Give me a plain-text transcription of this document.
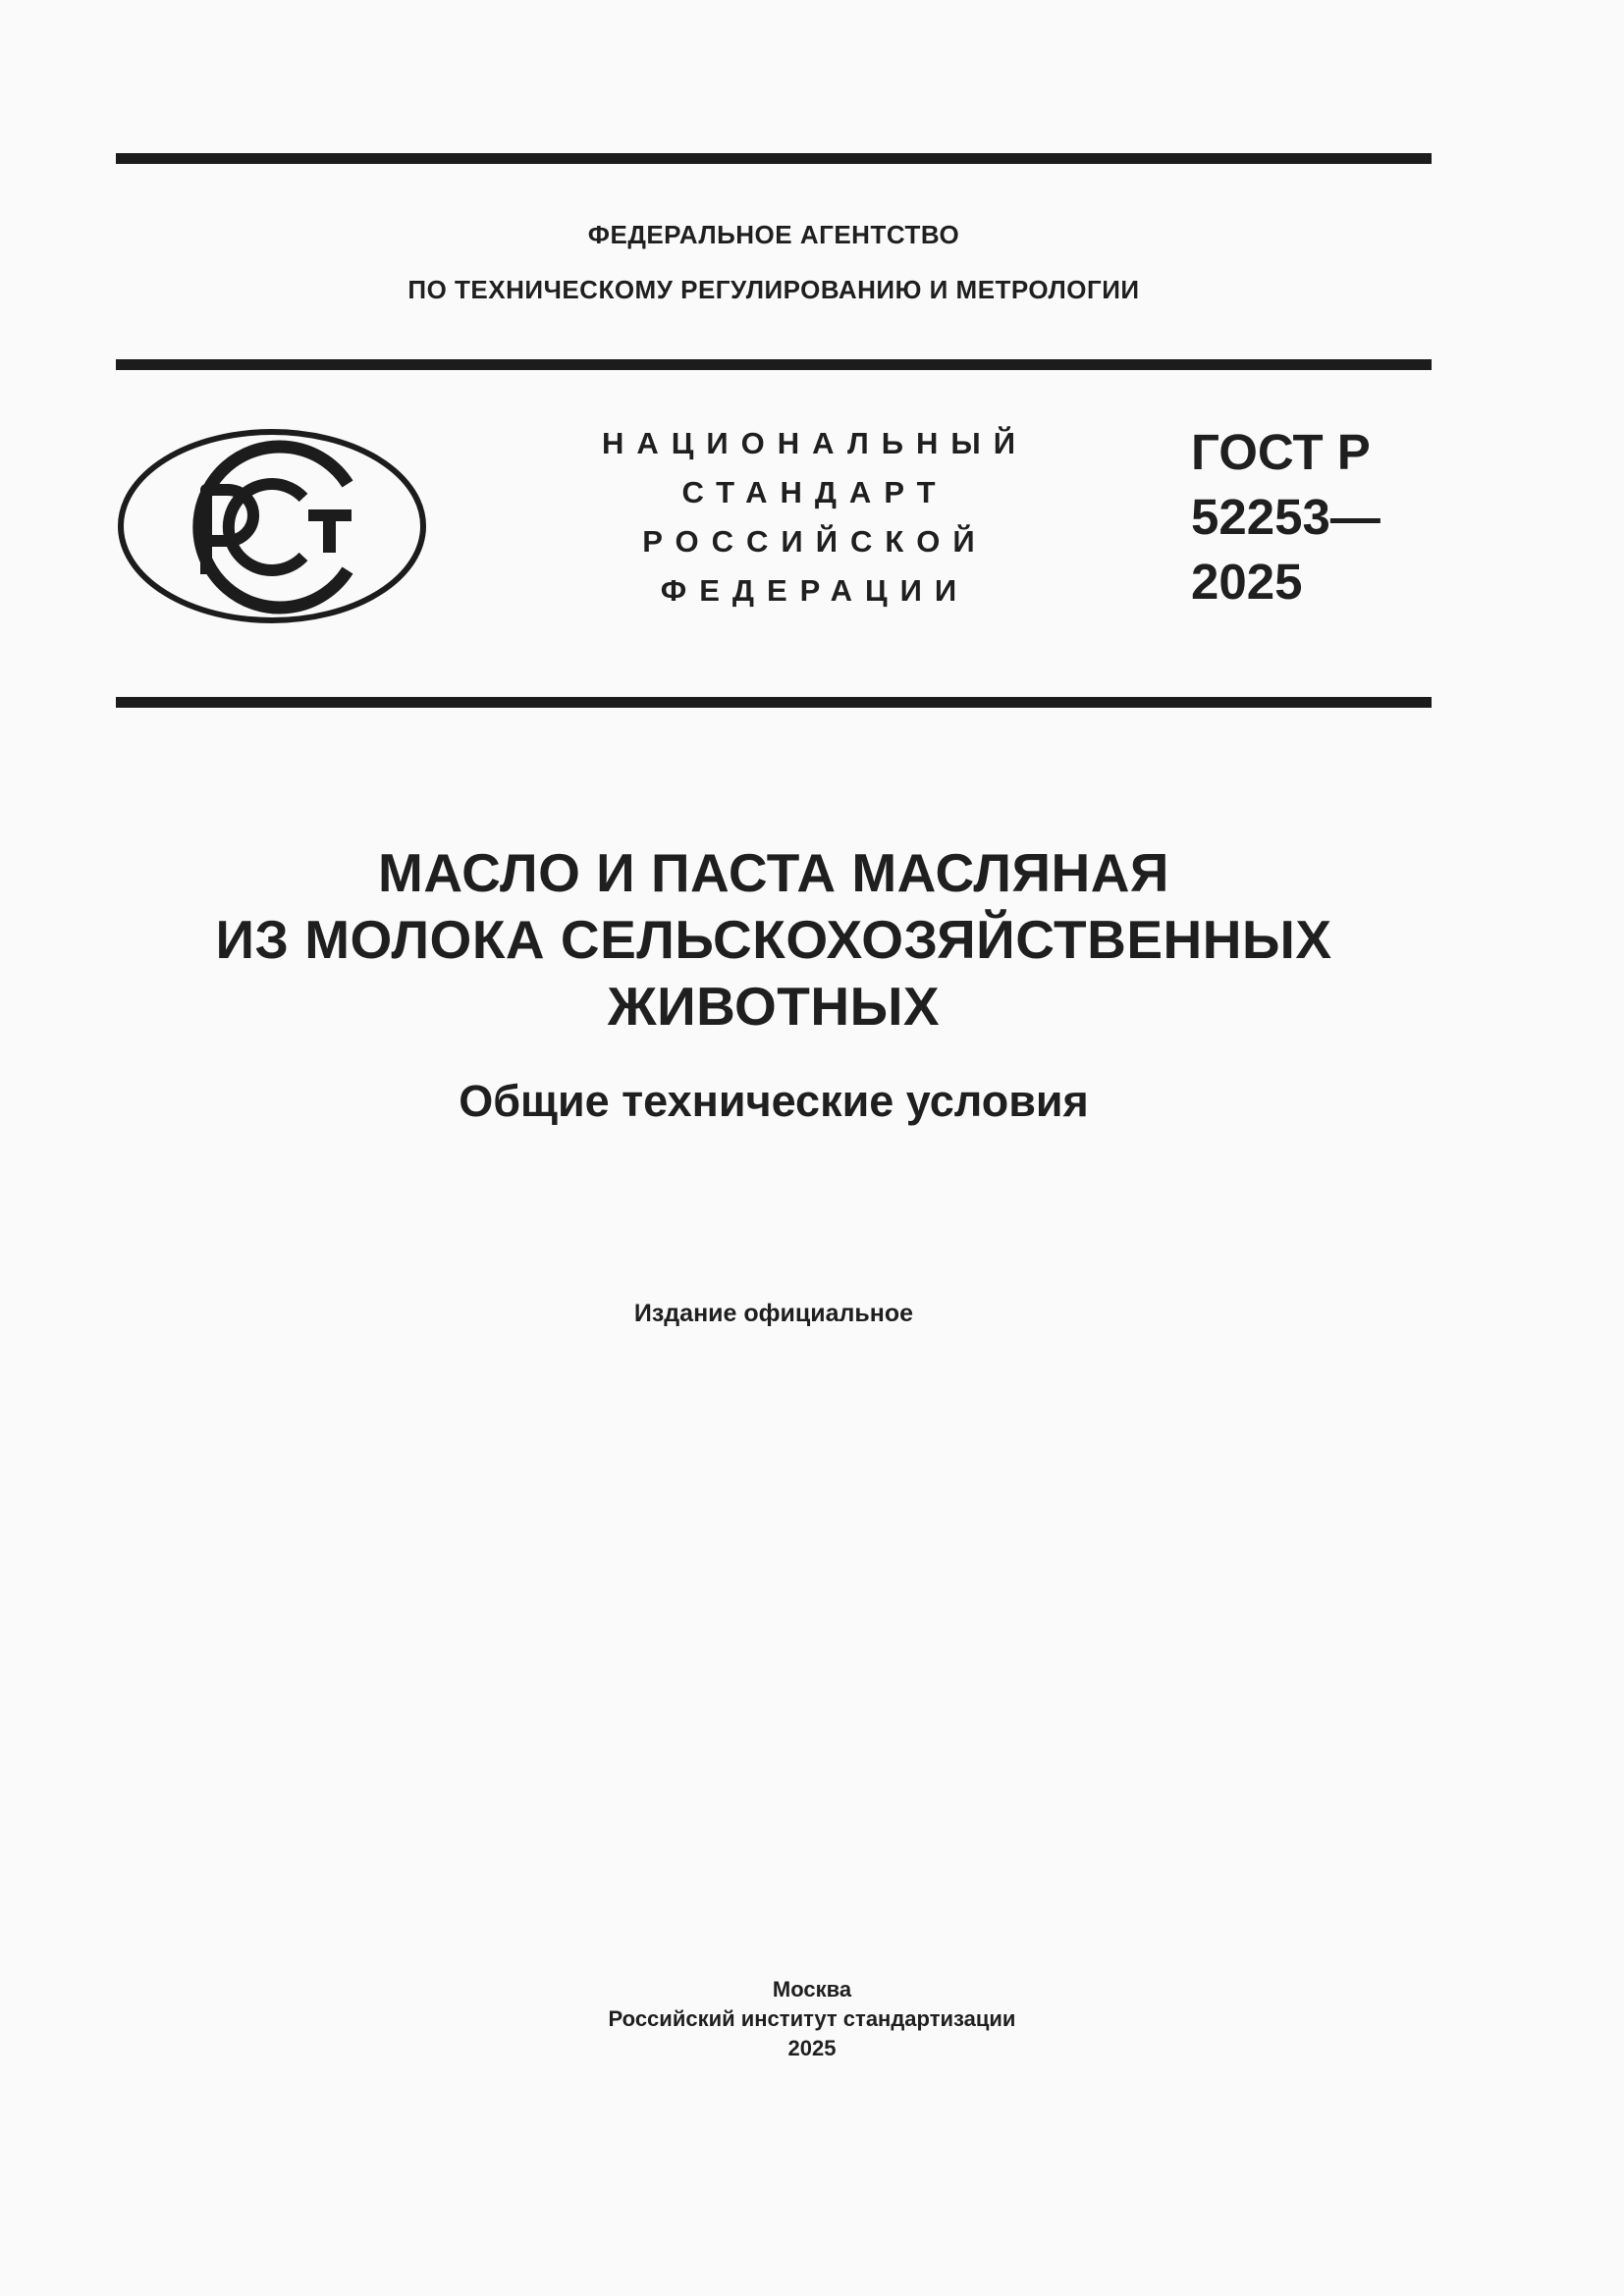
ФЕДЕРАЛЬНОЕ АГЕНТСТВО
ПО ТЕХНИЧЕСКОМУ РЕГУЛИРОВАНИЮ И МЕТРОЛОГИИ
НАЦИОНАЛЬНЫЙ
СТАНДАРТ
РОССИЙСКОЙ
ФЕДЕРАЦИИ
ГОСТ Р
52253—
2025
МАСЛО И ПАСТА МАСЛЯНАЯ
ИЗ МОЛОКА СЕЛЬСКОХОЗЯЙСТВЕННЫХ
ЖИВОТНЫХ
Общие технические условия
Издание официальное
Москва
Российский институт стандартизации
2025
